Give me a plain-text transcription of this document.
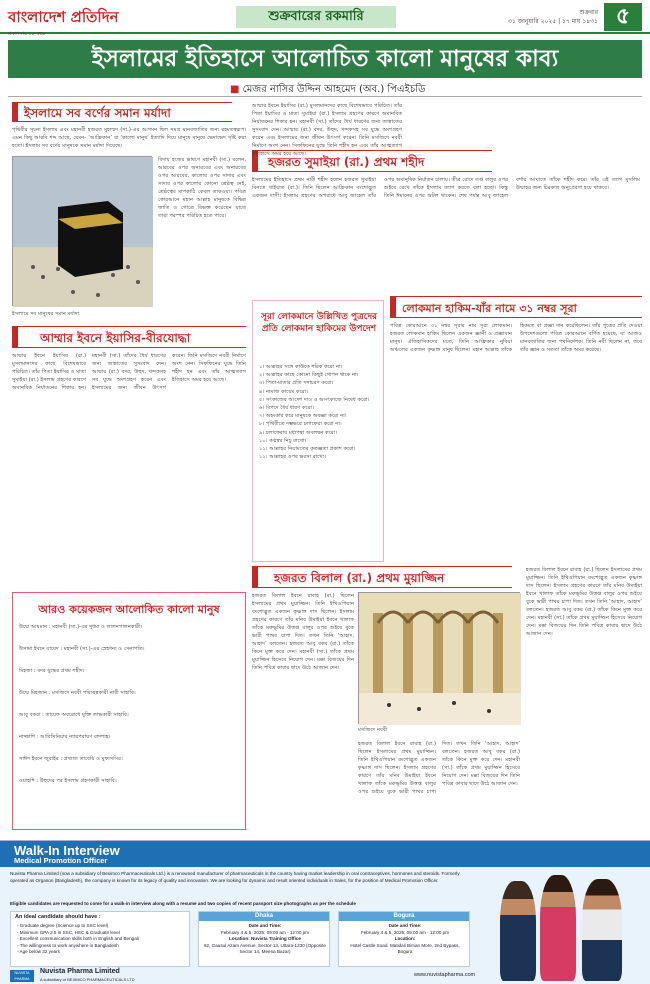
বাংলাদেশ প্রতিদিন
প্রকাশনার ১৮ বছর
শুক্রবারের রকমারি	শুক্রবার
৩১ জানুয়ারি ২০২৫ | ১৭ মাঘ ১৪৩১ ৫
ইসলামের ইতিহাসে আলোচিত কালো মানুষের কাব্য
■ মেজর নাসির উদ্দিন আহমেদ (অব.) পিএইচডি
ইসলামে সব বর্ণের সমান মর্যাদা
পৃথিবীর সূচনা ইসলাম এবং মহানবী হজরত মুহাম্মদ (সা.)-এর আগমন ছিল সমগ্র মানবজাতির জন্য রহমতস্বরূপ। এমন কিছু আরবি শব্দ আছে, যেমন- ‘আফ্রিকান’ বা ‘কালো মানুষ’ ইত্যাদি দিয়ে মানুষে মানুষে ভেদাভেদ সৃষ্টি করা হতো। ইসলাম সব বর্ণের মানুষকে সমান মর্যাদা দিয়েছে।
বিদায় হজের ভাষণে মহানবী (সা.) বলেন, আরবের ওপর অনারবের এবং অনারবের ওপর আরবের, কালোর ওপর সাদার এবং সাদার ওপর কালোর কোনো শ্রেষ্ঠত্ব নেই, শ্রেষ্ঠত্বের মাপকাঠি কেবল তাকওয়া। পবিত্র কোরআনে মহান আল্লাহ মানুষকে বিভিন্ন জাতি ও গোত্রে বিভক্ত করেছেন যাতে তারা পরস্পর পরিচিত হতে পারে।
ইসলামে সব মানুষের সমান মর্যাদা
আম্মার ইবনে ইয়াসির-বীরযোদ্ধা
আম্মার ইবনে ইয়াসির (রা.) মুসলমানদের কাছে বিশেষভাবে পরিচিত। তাঁর পিতা ইয়াসির ও মাতা সুমাইয়া (রা.) ইসলাম গ্রহণের কারণে অমানবিক নির্যাতনের শিকার হন। মহানবী (সা.) তাঁদের ধৈর্য ধারণের জন্য জান্নাতের সুসংবাদ দেন। আম্মার (রা.) বদর, উহুদ, খন্দকসহ সব যুদ্ধে অংশগ্রহণ করেন এবং ইসলামের জন্য জীবন উৎসর্গ করেন। তিনি মসজিদে নববী নির্মাণে অংশ নেন। সিফফিনের যুদ্ধে তিনি শহীদ হন এবং তাঁর আত্মত্যাগ ইতিহাসে অমর হয়ে আছে।
হজরত সুমাইয়া (রা.) প্রথম শহীদ
আম্মার ইবনে ইয়াসির (রা.) মুসলমানদের কাছে বিশেষভাবে পরিচিত। তাঁর পিতা ইয়াসির ও মাতা সুমাইয়া (রা.) ইসলাম গ্রহণের কারণে অমানবিক নির্যাতনের শিকার হন। মহানবী (সা.) তাঁদের ধৈর্য ধারণের জন্য জান্নাতের সুসংবাদ দেন। আম্মার (রা.) বদর, উহুদ, খন্দকসহ সব যুদ্ধে অংশগ্রহণ করেন এবং ইসলামের জন্য জীবন উৎসর্গ করেন। তিনি মসজিদে নববী নির্মাণে অংশ নেন। সিফফিনের যুদ্ধে তিনি শহীদ হন এবং তাঁর আত্মত্যাগ ইতিহাসে অমর হয়ে আছে।
ইসলামের ইতিহাসে প্রথম নারী শহীদ হলেন হজরত সুমাইয়া বিনতে খাইয়াত (রা.)। তিনি ছিলেন আফ্রিকান বংশোদ্ভূত একজন দাসী। ইসলাম গ্রহণের অপরাধে আবু জাহেল তাঁর ওপর অমানুষিক নির্যাতন চালায়। তীব্র রোদে তপ্ত বালুর ওপর শুইয়ে রেখে তাঁকে ইসলাম ত্যাগ করতে বলা হতো। কিন্তু তিনি ঈমানের ওপর অটল থাকেন। শেষ পর্যন্ত আবু জাহেল বর্শার আঘাতে তাঁকে শহীদ করে। তাঁর এই ত্যাগ মুসলিম উম্মাহর জন্য চিরকাল অনুপ্রেরণা হয়ে থাকবে।
সূরা লোকমানে উল্লিখিত পুত্রদের প্রতি লোকমান হাকিমের উপদেশ
১। আল্লাহর সঙ্গে কাউকে শরিক করো না।
২। আল্লাহর কাছে কোনো কিছুই গোপন থাকে না।
৩। পিতা-মাতার প্রতি সদাচরণ করো।
৪। নামাজ কায়েম করো।
৫। সৎকাজের আদেশ দাও ও অসৎকাজে নিষেধ করো।
৬। বিপদে ধৈর্য ধারণ করো।
৭। অহংকার করে মানুষকে অবজ্ঞা করো না।
৮। পৃথিবীতে দম্ভভরে চলাফেরা করো না।
৯। চলাফেরায় মধ্যপন্থা অবলম্বন করো।
১০। কণ্ঠস্বর নিচু রাখো।
১১। আল্লাহর নিয়ামতের কৃতজ্ঞতা প্রকাশ করো।
১২। আল্লাহর ওপর ভরসা রাখো।
লোকমান হাকিম-যাঁর নামে ৩১ নম্বর সূরা
পবিত্র কোরআনে ৩১ নম্বর সূরার নাম সূরা লোকমান। হজরত লোকমান হাকিম ছিলেন একজন জ্ঞানী ও প্রজ্ঞাবান মানুষ। ঐতিহাসিকদের মতে, তিনি আফ্রিকার নুবিয়া অঞ্চলের একজন কৃষ্ণাঙ্গ মানুষ ছিলেন। মহান আল্লাহ তাঁকে হিকমত বা প্রজ্ঞা দান করেছিলেন। তাঁর পুত্রের প্রতি দেওয়া উপদেশগুলো পবিত্র কোরআনে বর্ণিত হয়েছে, যা আজও মানবজাতির জন্য পথনির্দেশক। তিনি নবী ছিলেন না, তবে তাঁর জ্ঞান ও সততা তাঁকে অমর করেছে।
হজরত বিলাল (রা.) প্রথম মুয়াজ্জিন
হজরত বিলাল ইবনে রাবাহ (রা.) ছিলেন ইসলামের প্রথম মুয়াজ্জিন। তিনি ইথিওপিয়ান বংশোদ্ভূত একজন কৃষ্ণাঙ্গ দাস ছিলেন। ইসলাম গ্রহণের কারণে তাঁর মনিব উমাইয়া ইবনে খালাফ তাঁকে মরুভূমির উত্তপ্ত বালুর ওপর শুইয়ে বুকে ভারী পাথর চাপা দিত। তখন তিনি ‘আহাদ, আহাদ’ বলতেন। হজরত আবু বকর (রা.) তাঁকে কিনে মুক্ত করে দেন। মহানবী (সা.) তাঁকে প্রথম মুয়াজ্জিন হিসেবে নিয়োগ দেন। মক্কা বিজয়ের দিন তিনি পবিত্র কাবার ছাদে উঠে আজান দেন।
মসজিদে নববী
হজরত বিলাল ইবনে রাবাহ (রা.) ছিলেন ইসলামের প্রথম মুয়াজ্জিন। তিনি ইথিওপিয়ান বংশোদ্ভূত একজন কৃষ্ণাঙ্গ দাস ছিলেন। ইসলাম গ্রহণের কারণে তাঁর মনিব উমাইয়া ইবনে খালাফ তাঁকে মরুভূমির উত্তপ্ত বালুর ওপর শুইয়ে বুকে ভারী পাথর চাপা দিত। তখন তিনি ‘আহাদ, আহাদ’ বলতেন। হজরত আবু বকর (রা.) তাঁকে কিনে মুক্ত করে দেন। মহানবী (সা.) তাঁকে প্রথম মুয়াজ্জিন হিসেবে নিয়োগ দেন। মক্কা বিজয়ের দিন তিনি পবিত্র কাবার ছাদে উঠে আজান দেন।
হজরত বিলাল ইবনে রাবাহ (রা.) ছিলেন ইসলামের প্রথম মুয়াজ্জিন। তিনি ইথিওপিয়ান বংশোদ্ভূত একজন কৃষ্ণাঙ্গ দাস ছিলেন। ইসলাম গ্রহণের কারণে তাঁর মনিব উমাইয়া ইবনে খালাফ তাঁকে মরুভূমির উত্তপ্ত বালুর ওপর শুইয়ে বুকে ভারী পাথর চাপা দিত। তখন তিনি ‘আহাদ, আহাদ’ বলতেন। হজরত আবু বকর (রা.) তাঁকে কিনে মুক্ত করে দেন। মহানবী (সা.) তাঁকে প্রথম মুয়াজ্জিন হিসেবে নিয়োগ দেন। মক্কা বিজয়ের দিন তিনি পবিত্র কাবার ছাদে উঠে আজান দেন।
আরও কয়েকজন আলোকিত কালো মানুষ
উম্মে আয়মান : মহানবী (সা.)-এর দুধমা ও লালনপালনকারী।
উসামা ইবনে যায়েদ : মহানবী (সা.)-এর স্নেহধন্য ও সেনাপতি।
মিহজা : বদর যুদ্ধের প্রথম শহীদ।
উম্মে মিহজান : মসজিদে নববী পরিচ্ছন্নকারী নারী সাহাবি।
আবু বকরা : তায়েফ অবরোধে মুক্তি লাভকারী সাহাবি।
নাজ্জাশি : আবিসিনিয়ার ন্যায়পরায়ণ বাদশাহ।
সাঈদ ইবনে জুবাইর : প্রখ্যাত তাবেয়ি ও মুফাসসির।
ওয়াহশি : উহুদের পর ইসলাম গ্রহণকারী সাহাবি।
Walk-In Interview
Medical Promotion Officer
Nuvista Pharma Limited (now a subsidiary of Beximco Pharmaceuticals Ltd.) is a renowned manufacturer of pharmaceuticals in the country having market leadership in oral contraceptives, hormones and steroids. Formerly operated as Organon (Bangladesh), the company is known for its legacy of quality and innovation. We are looking for dynamic and result oriented individuals in Sales, for the position of Medical Promotion Officer.
Eligible candidates are requested to come for a walk-in interview along with a resume and two copies of recent passport size photographs as per the schedule
An ideal candidate should have :
- Graduate degree (Science up to SSC level)
- Minimum GPA 2.5 in SSC, HSC & Graduate level
- Excellent communication skills both in English and Bengali
- The willingness to work anywhere in Bangladesh
- Age below 32 years
Dhaka
Date and Time:
February 4 & 5, 2025; 09:00 am - 12:00 pm
Location: Nuvista Training Office
62, Gausul Azam Avenue, Sector-13, Uttara-1230 (Opposite Sector 14, Meena Bazar)
Bogura
Date and Time:
February 4 & 5, 2025; 09:00 am - 12:00 pm
Location:
Hotel Castle Soad, Matidali Biman More, 2nd Bypass, Bogura
NUVISTA PHARMA
Nuvista Pharma Limited
A subsidiary of BEXIMCO PHARMACEUTICALS LTD
www.nuvistapharma.com
